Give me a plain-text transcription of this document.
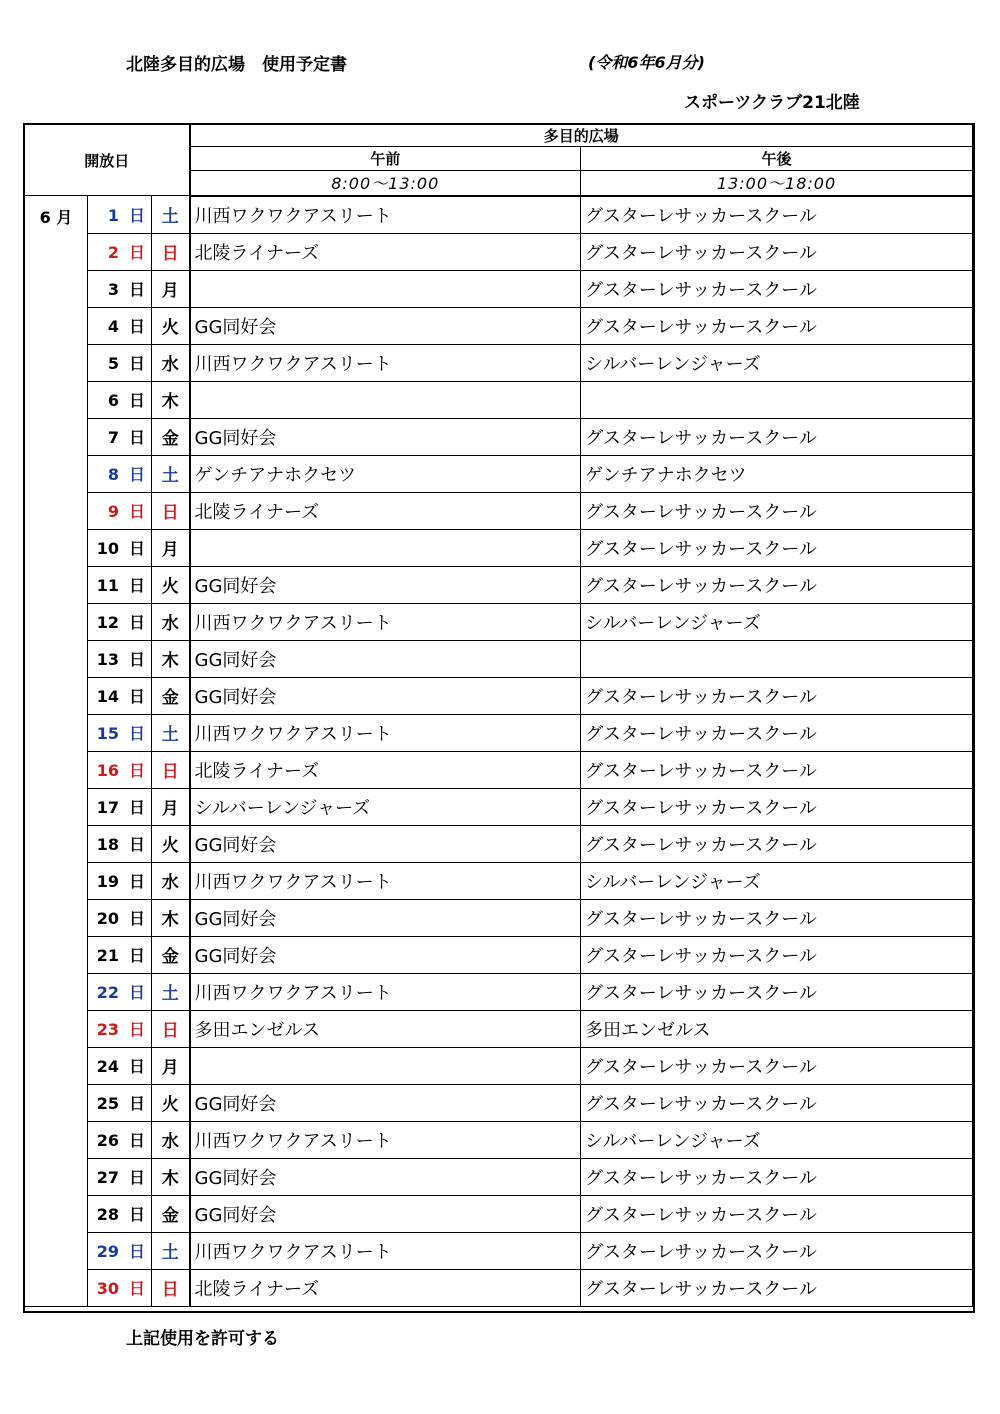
北陸多目的広場　使用予定書	(令和6年6月分)
スポーツクラブ21北陸
開放日			多目的広場	
			午前	午後
			8:00～13:00	13:00～18:00
6 月	1 日	土	川西ワクワクアスリート	グスターレサッカースクール
	2 日	日	北陵ライナーズ	グスターレサッカースクール
	3 日	月		グスターレサッカースクール
	4 日	火	GG同好会	グスターレサッカースクール
	5 日	水	川西ワクワクアスリート	シルバーレンジャーズ
	6 日	木		
	7 日	金	GG同好会	グスターレサッカースクール
	8 日	土	ゲンチアナホクセツ	ゲンチアナホクセツ
	9 日	日	北陵ライナーズ	グスターレサッカースクール
	10 日	月		グスターレサッカースクール
	11 日	火	GG同好会	グスターレサッカースクール
	12 日	水	川西ワクワクアスリート	シルバーレンジャーズ
	13 日	木	GG同好会	
	14 日	金	GG同好会	グスターレサッカースクール
	15 日	土	川西ワクワクアスリート	グスターレサッカースクール
	16 日	日	北陵ライナーズ	グスターレサッカースクール
	17 日	月	シルバーレンジャーズ	グスターレサッカースクール
	18 日	火	GG同好会	グスターレサッカースクール
	19 日	水	川西ワクワクアスリート	シルバーレンジャーズ
	20 日	木	GG同好会	グスターレサッカースクール
	21 日	金	GG同好会	グスターレサッカースクール
	22 日	土	川西ワクワクアスリート	グスターレサッカースクール
	23 日	日	多田エンゼルス	多田エンゼルス
	24 日	月		グスターレサッカースクール
	25 日	火	GG同好会	グスターレサッカースクール
	26 日	水	川西ワクワクアスリート	シルバーレンジャーズ
	27 日	木	GG同好会	グスターレサッカースクール
	28 日	金	GG同好会	グスターレサッカースクール
	29 日	土	川西ワクワクアスリート	グスターレサッカースクール
	30 日	日	北陵ライナーズ	グスターレサッカースクール
上記使用を許可する
